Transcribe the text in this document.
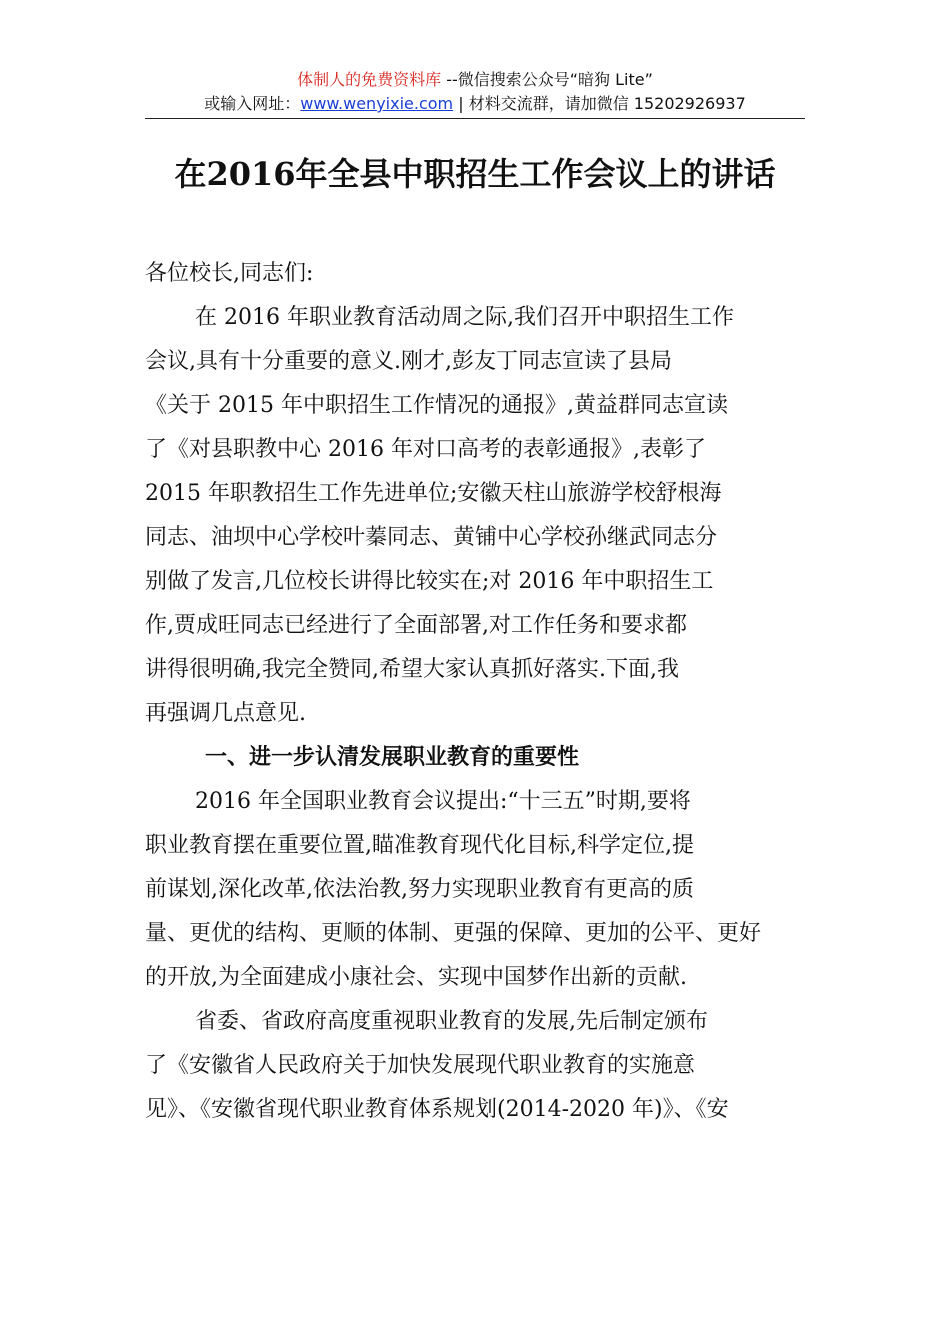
体制人的免费资料库 --微信搜索公众号“暗狗 Lite”
或输入网址：www.wenyixie.com | 材料交流群，请加微信 15202926937
在2016年全县中职招生工作会议上的讲话
各位校长,同志们:
在 2016 年职业教育活动周之际,我们召开中职招生工作
会议,具有十分重要的意义.刚才,彭友丁同志宣读了县局
《关于 2015 年中职招生工作情况的通报》,黄益群同志宣读
了《对县职教中心 2016 年对口高考的表彰通报》,表彰了
2015 年职教招生工作先进单位;安徽天柱山旅游学校舒根海
同志、油坝中心学校叶蓁同志、黄铺中心学校孙继武同志分
别做了发言,几位校长讲得比较实在;对 2016 年中职招生工
作,贾成旺同志已经进行了全面部署,对工作任务和要求都
讲得很明确,我完全赞同,希望大家认真抓好落实.下面,我
再强调几点意见.
一、进一步认清发展职业教育的重要性
2016 年全国职业教育会议提出:“十三五”时期,要将
职业教育摆在重要位置,瞄准教育现代化目标,科学定位,提
前谋划,深化改革,依法治教,努力实现职业教育有更高的质
量、更优的结构、更顺的体制、更强的保障、更加的公平、更好
的开放,为全面建成小康社会、实现中国梦作出新的贡献.
省委、省政府高度重视职业教育的发展,先后制定颁布
了《安徽省人民政府关于加快发展现代职业教育的实施意
见》、《安徽省现代职业教育体系规划(2014-2020 年)》、《安
